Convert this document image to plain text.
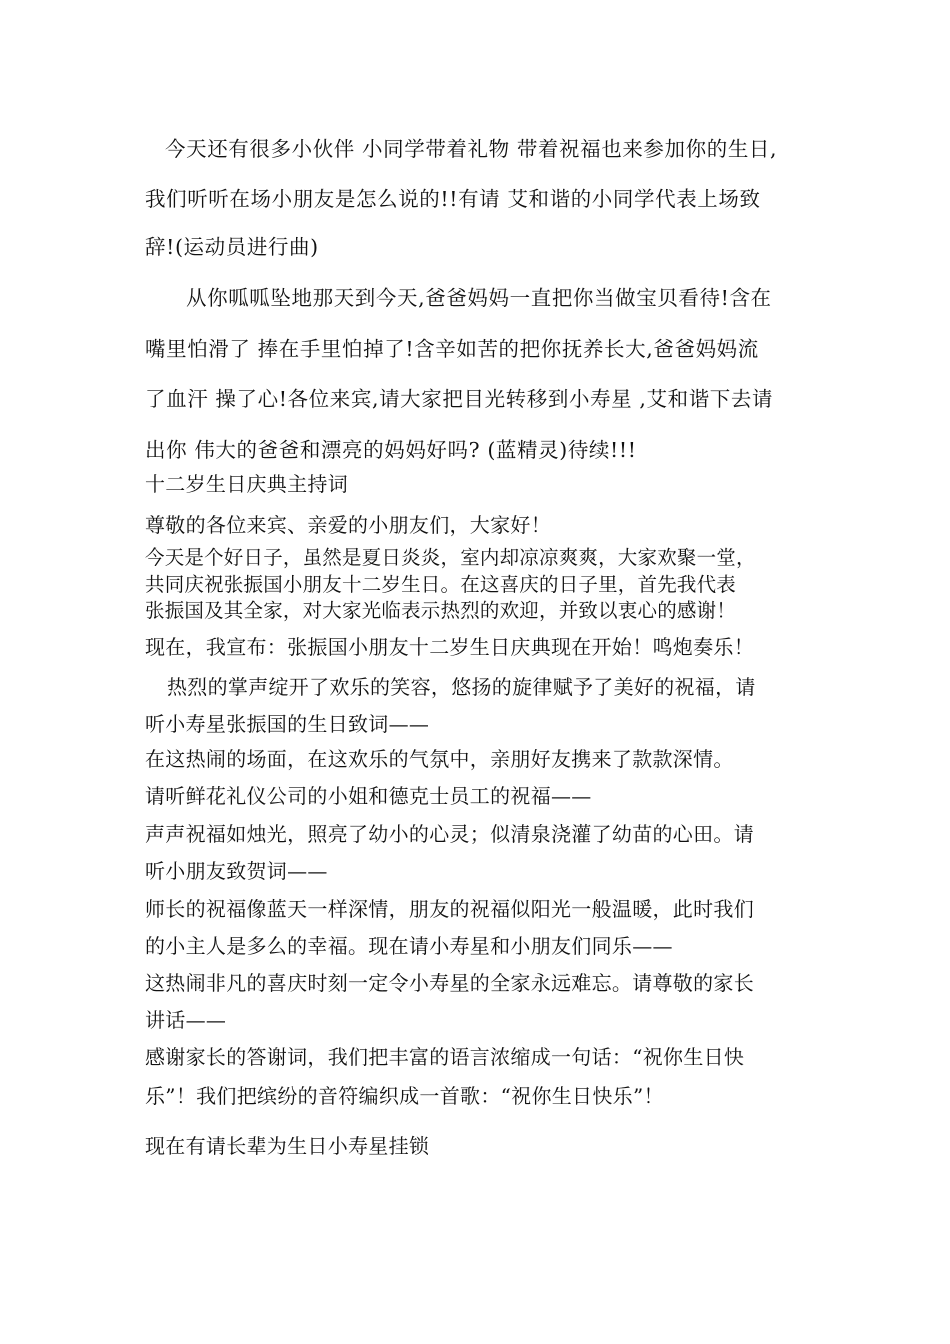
今天还有很多小伙伴 小同学带着礼物 带着祝福也来参加你的生日,
我们听听在场小朋友是怎么说的!!有请 艾和谐的小同学代表上场致
辞!(运动员进行曲)
从你呱呱坠地那天到今天,爸爸妈妈一直把你当做宝贝看待!含在
嘴里怕滑了 捧在手里怕掉了!含辛如苦的把你抚养长大,爸爸妈妈流
了血汗 操了心!各位来宾,请大家把目光转移到小寿星 ,艾和谐下去请
出你 伟大的爸爸和漂亮的妈妈好吗? (蓝精灵)待续!!!
十二岁生日庆典主持词
尊敬的各位来宾、亲爱的小朋友们，大家好！
今天是个好日子，虽然是夏日炎炎，室内却凉凉爽爽，大家欢聚一堂，
共同庆祝张振国小朋友十二岁生日。在这喜庆的日子里，首先我代表
张振国及其全家，对大家光临表示热烈的欢迎，并致以衷心的感谢！
现在，我宣布：张振国小朋友十二岁生日庆典现在开始！鸣炮奏乐！
热烈的掌声绽开了欢乐的笑容，悠扬的旋律赋予了美好的祝福，请
听小寿星张振国的生日致词——
在这热闹的场面，在这欢乐的气氛中，亲朋好友携来了款款深情。
请听鲜花礼仪公司的小姐和德克士员工的祝福——
声声祝福如烛光，照亮了幼小的心灵；似清泉浇灌了幼苗的心田。请
听小朋友致贺词——
师长的祝福像蓝天一样深情，朋友的祝福似阳光一般温暖，此时我们
的小主人是多么的幸福。现在请小寿星和小朋友们同乐——
这热闹非凡的喜庆时刻一定令小寿星的全家永远难忘。请尊敬的家长
讲话——
感谢家长的答谢词，我们把丰富的语言浓缩成一句话：“祝你生日快
乐”！我们把缤纷的音符编织成一首歌：“祝你生日快乐”！
现在有请长辈为生日小寿星挂锁
